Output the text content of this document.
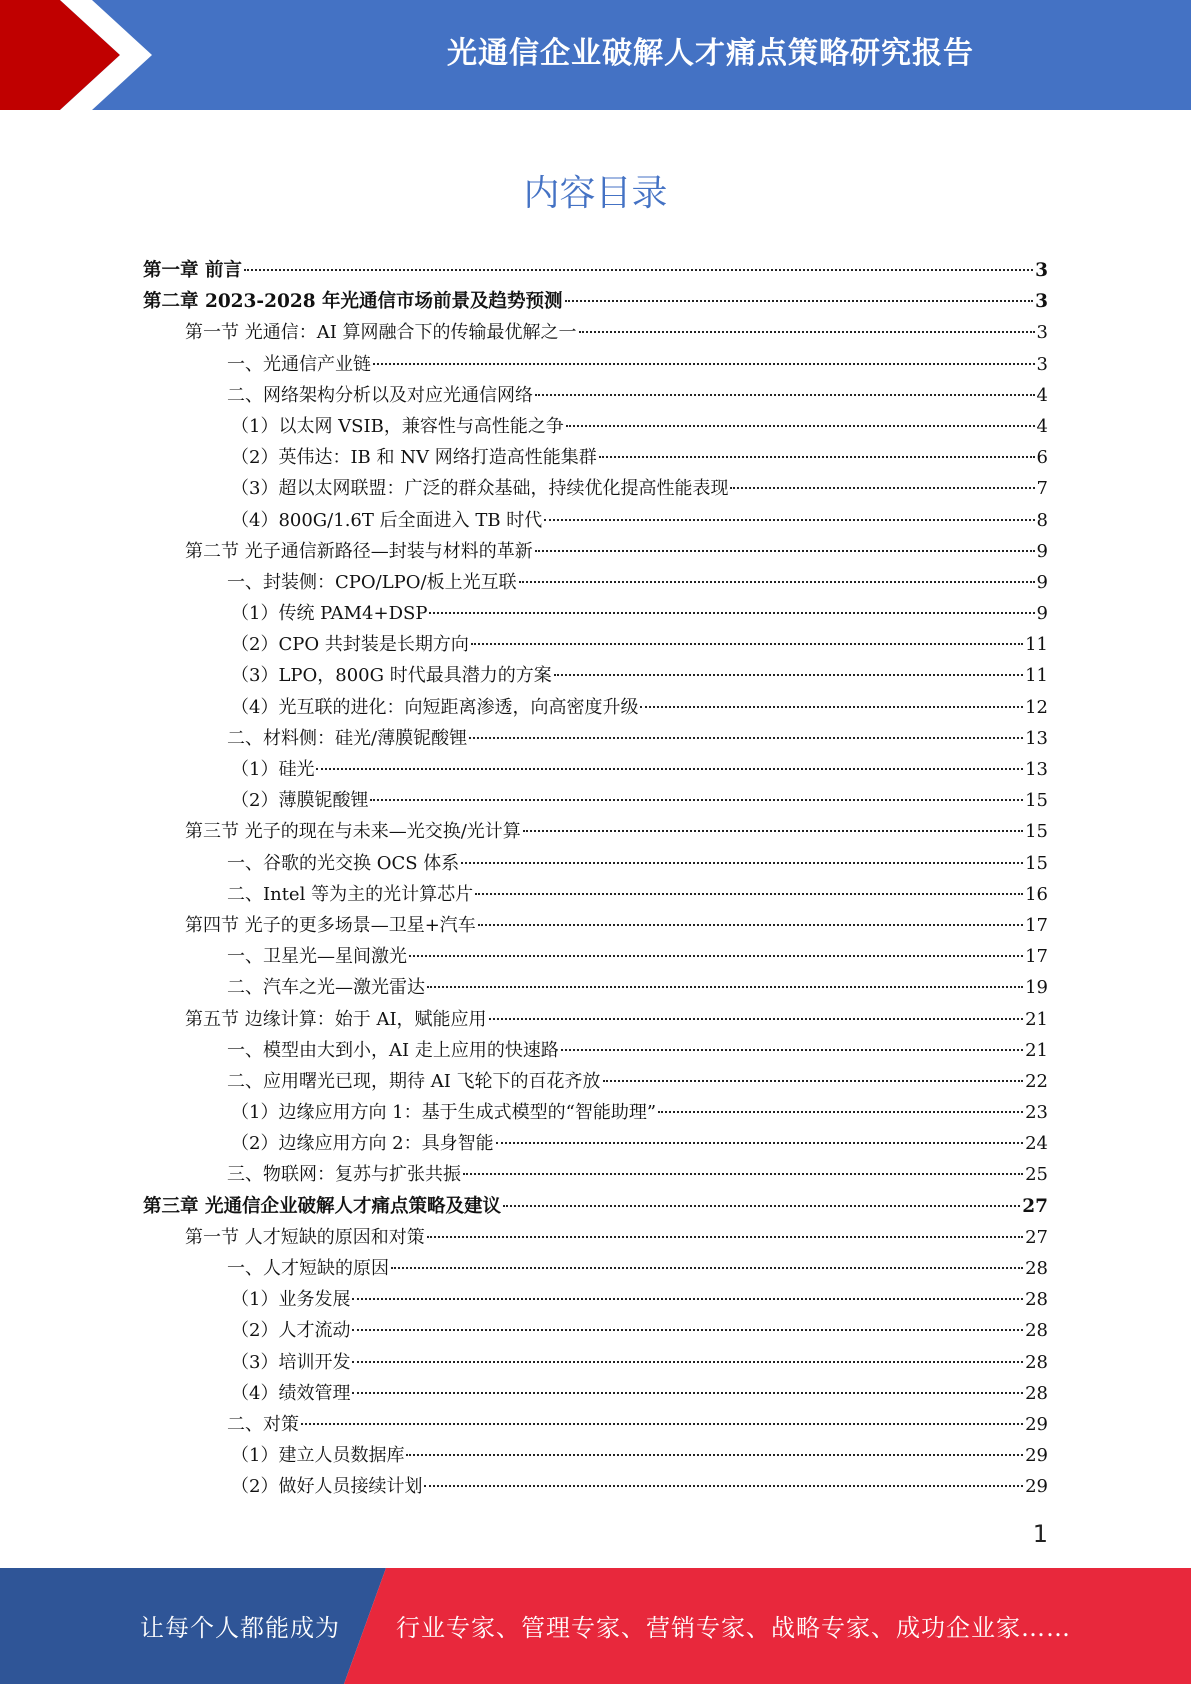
光通信企业破解人才痛点策略研究报告
内容目录
第一章 前言	3
第二章 2023-2028 年光通信市场前景及趋势预测	3
第一节 光通信：AI 算网融合下的传输最优解之一	3
一、光通信产业链	3
二、网络架构分析以及对应光通信网络	4
（1）以太网 VSIB，兼容性与高性能之争	4
（2）英伟达：IB 和 NV 网络打造高性能集群	6
（3）超以太网联盟：广泛的群众基础，持续优化提高性能表现	7
（4）800G/1.6T 后全面进入 TB 时代	8
第二节 光子通信新路径—封装与材料的革新	9
一、封装侧：CPO/LPO/板上光互联	9
（1）传统 PAM4+DSP	9
（2）CPO 共封装是长期方向	11
（3）LPO，800G 时代最具潜力的方案	11
（4）光互联的进化：向短距离渗透，向高密度升级	12
二、材料侧：硅光/薄膜铌酸锂	13
（1）硅光	13
（2）薄膜铌酸锂	15
第三节 光子的现在与未来—光交换/光计算	15
一、谷歌的光交换 OCS 体系	15
二、Intel 等为主的光计算芯片	16
第四节 光子的更多场景—卫星+汽车	17
一、卫星光—星间激光	17
二、汽车之光—激光雷达	19
第五节 边缘计算：始于 AI，赋能应用	21
一、模型由大到小，AI 走上应用的快速路	21
二、应用曙光已现，期待 AI 飞轮下的百花齐放	22
（1）边缘应用方向 1：基于生成式模型的“智能助理”	23
（2）边缘应用方向 2：具身智能	24
三、物联网：复苏与扩张共振	25
第三章 光通信企业破解人才痛点策略及建议	27
第一节 人才短缺的原因和对策	27
一、人才短缺的原因	28
（1）业务发展	28
（2）人才流动	28
（3）培训开发	28
（4）绩效管理	28
二、对策	29
（1）建立人员数据库	29
（2）做好人员接续计划	29
1
让每个人都能成为 行业专家、管理专家、营销专家、战略专家、成功企业家……
